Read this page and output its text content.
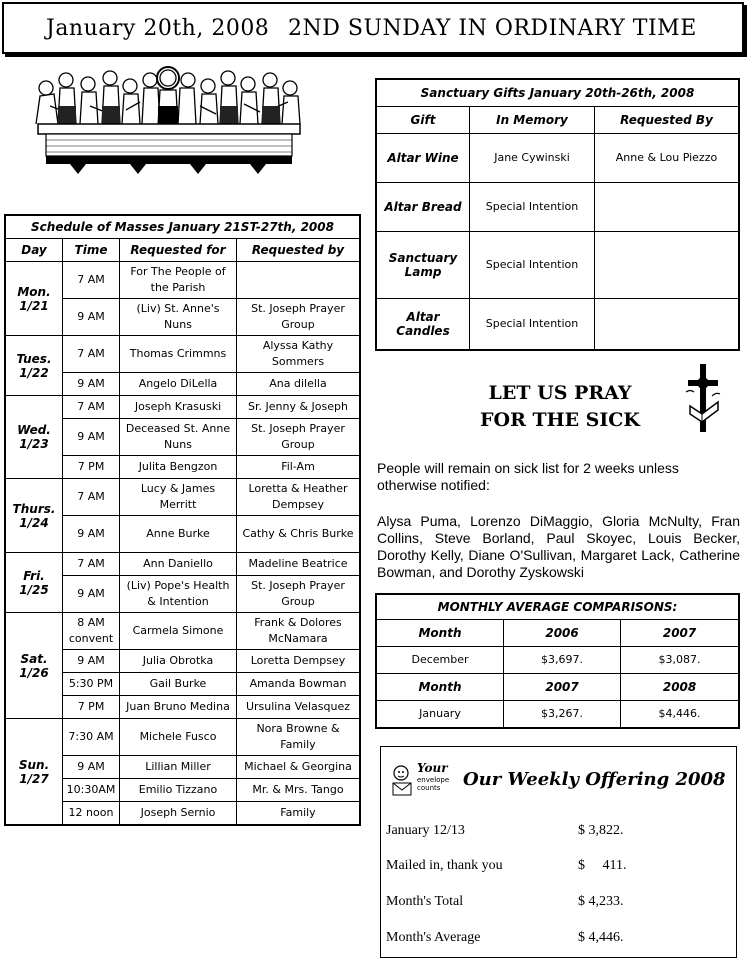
January 20th, 2008 2ND SUNDAY IN ORDINARY TIME
Schedule of Masses January 21ST-27th, 2008			
Day	Time	Requested for	Requested by
Mon.
1/21	7 AM	For The People of the Parish	
	9 AM	(Liv) St. Anne's Nuns	St. Joseph Prayer Group
Tues.
1/22	7 AM	Thomas Crimmns	Alyssa Kathy Sommers
	9 AM	Angelo DiLella	Ana dilella
Wed.
1/23	7 AM	Joseph Krasuski	Sr. Jenny & Joseph
	9 AM	Deceased St. Anne Nuns	St. Joseph Prayer Group
	7 PM	Julita Bengzon	Fil-Am
Thurs.
1/24	7 AM	Lucy & James Merritt	Loretta & Heather Dempsey
	9 AM	Anne Burke	Cathy & Chris Burke
Fri.
1/25	7 AM	Ann Daniello	Madeline Beatrice
	9 AM	(Liv) Pope's Health & Intention	St. Joseph Prayer Group
Sat.
1/26	8 AM convent	Carmela Simone	Frank & Dolores McNamara
	9 AM	Julia Obrotka	Loretta Dempsey
	5:30 PM	Gail Burke	Amanda Bowman
	7 PM	Juan Bruno Medina	Ursulina Velasquez
Sun.
1/27	7:30 AM	Michele Fusco	Nora Browne & Family
	9 AM	Lillian Miller	Michael & Georgina
	10:30AM	Emilio Tizzano	Mr. & Mrs. Tango
	12 noon	Joseph Sernio	Family
Sanctuary Gifts January 20th-26th, 2008		
Gift	In Memory	Requested By
Altar Wine	Jane Cywinski	Anne & Lou Piezzo
Altar Bread	Special Intention	
Sanctuary Lamp	Special Intention	
Altar Candles	Special Intention	
LET US PRAY
FOR THE SICK
People will remain on sick list for 2 weeks unless otherwise notified:
Alysa Puma, Lorenzo DiMaggio, Gloria McNulty, Fran Collins, Steve Borland, Paul Skoyec, Louis Becker, Dorothy Kelly, Diane O'Sullivan, Margaret Lack, Catherine Bowman, and Dorothy Zyskowski
MONTHLY AVERAGE COMPARISONS:		
Month	2006	2007
December	$3,697.	$3,087.
Month	2007	2008
January	$3,267.	$4,446.
Your
envelope counts	Our Weekly Offering 2008
January 12/13	$ 3,822.
Mailed in, thank you	$     411.
Month's Total	$ 4,233.
Month's Average	$ 4,446.
